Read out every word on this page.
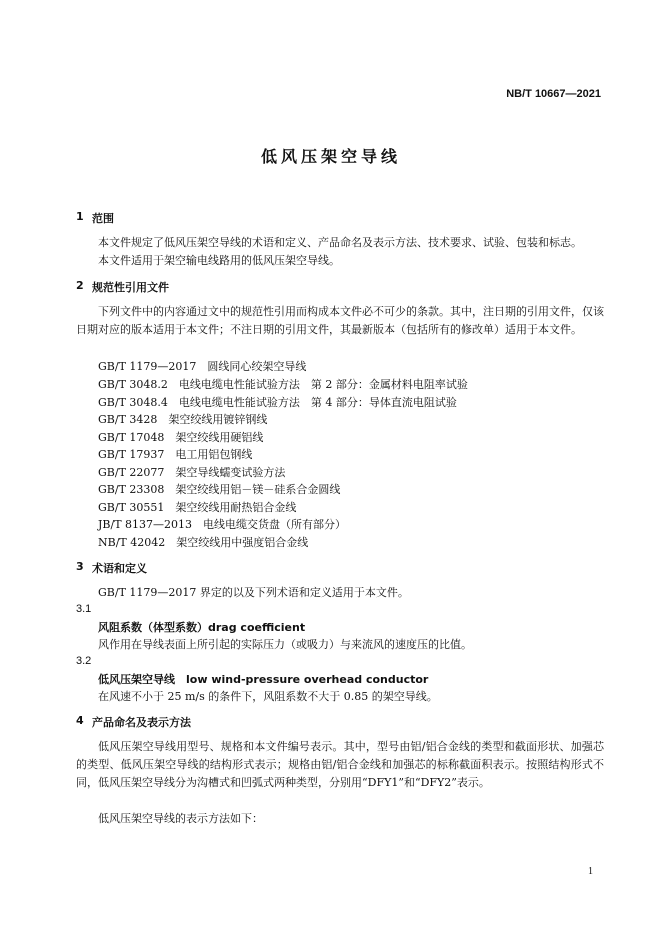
NB/T 10667—2021
低风压架空导线
1 范围
本文件规定了低风压架空导线的术语和定义、产品命名及表示方法、技术要求、试验、包装和标志。
本文件适用于架空输电线路用的低风压架空导线。
2 规范性引用文件
下列文件中的内容通过文中的规范性引用而构成本文件必不可少的条款。其中，注日期的引用文件，仅该日期对应的版本适用于本文件；不注日期的引用文件，其最新版本（包括所有的修改单）适用于本文件。
GB/T 1179—2017　 圆线同心绞架空导线
GB/T 3048.2　 电线电缆电性能试验方法　第 2 部分：金属材料电阻率试验
GB/T 3048.4　 电线电缆电性能试验方法　第 4 部分：导体直流电阻试验
GB/T 3428　 架空绞线用镀锌钢线
GB/T 17048　 架空绞线用硬铝线
GB/T 17937　 电工用铝包钢线
GB/T 22077　 架空导线蠕变试验方法
GB/T 23308　 架空绞线用铝－镁－硅系合金圆线
GB/T 30551　 架空绞线用耐热铝合金线
JB/T 8137—2013　 电线电缆交货盘（所有部分）
NB/T 42042　 架空绞线用中强度铝合金线
3 术语和定义
GB/T 1179—2017 界定的以及下列术语和定义适用于本文件。
3.1
风阻系数（体型系数）drag coefficient
风作用在导线表面上所引起的实际压力（或吸力）与来流风的速度压的比值。
3.2
低风压架空导线　low wind-pressure overhead conductor
在风速不小于 25 m/s 的条件下，风阻系数不大于 0.85 的架空导线。
4 产品命名及表示方法
低风压架空导线用型号、规格和本文件编号表示。其中，型号由铝/铝合金线的类型和截面形状、加强芯的类型、低风压架空导线的结构形式表示；规格由铝/铝合金线和加强芯的标称截面积表示。按照结构形式不同，低风压架空导线分为沟槽式和凹弧式两种类型，分别用“DFY1”和“DFY2”表示。
低风压架空导线的表示方法如下：
1
